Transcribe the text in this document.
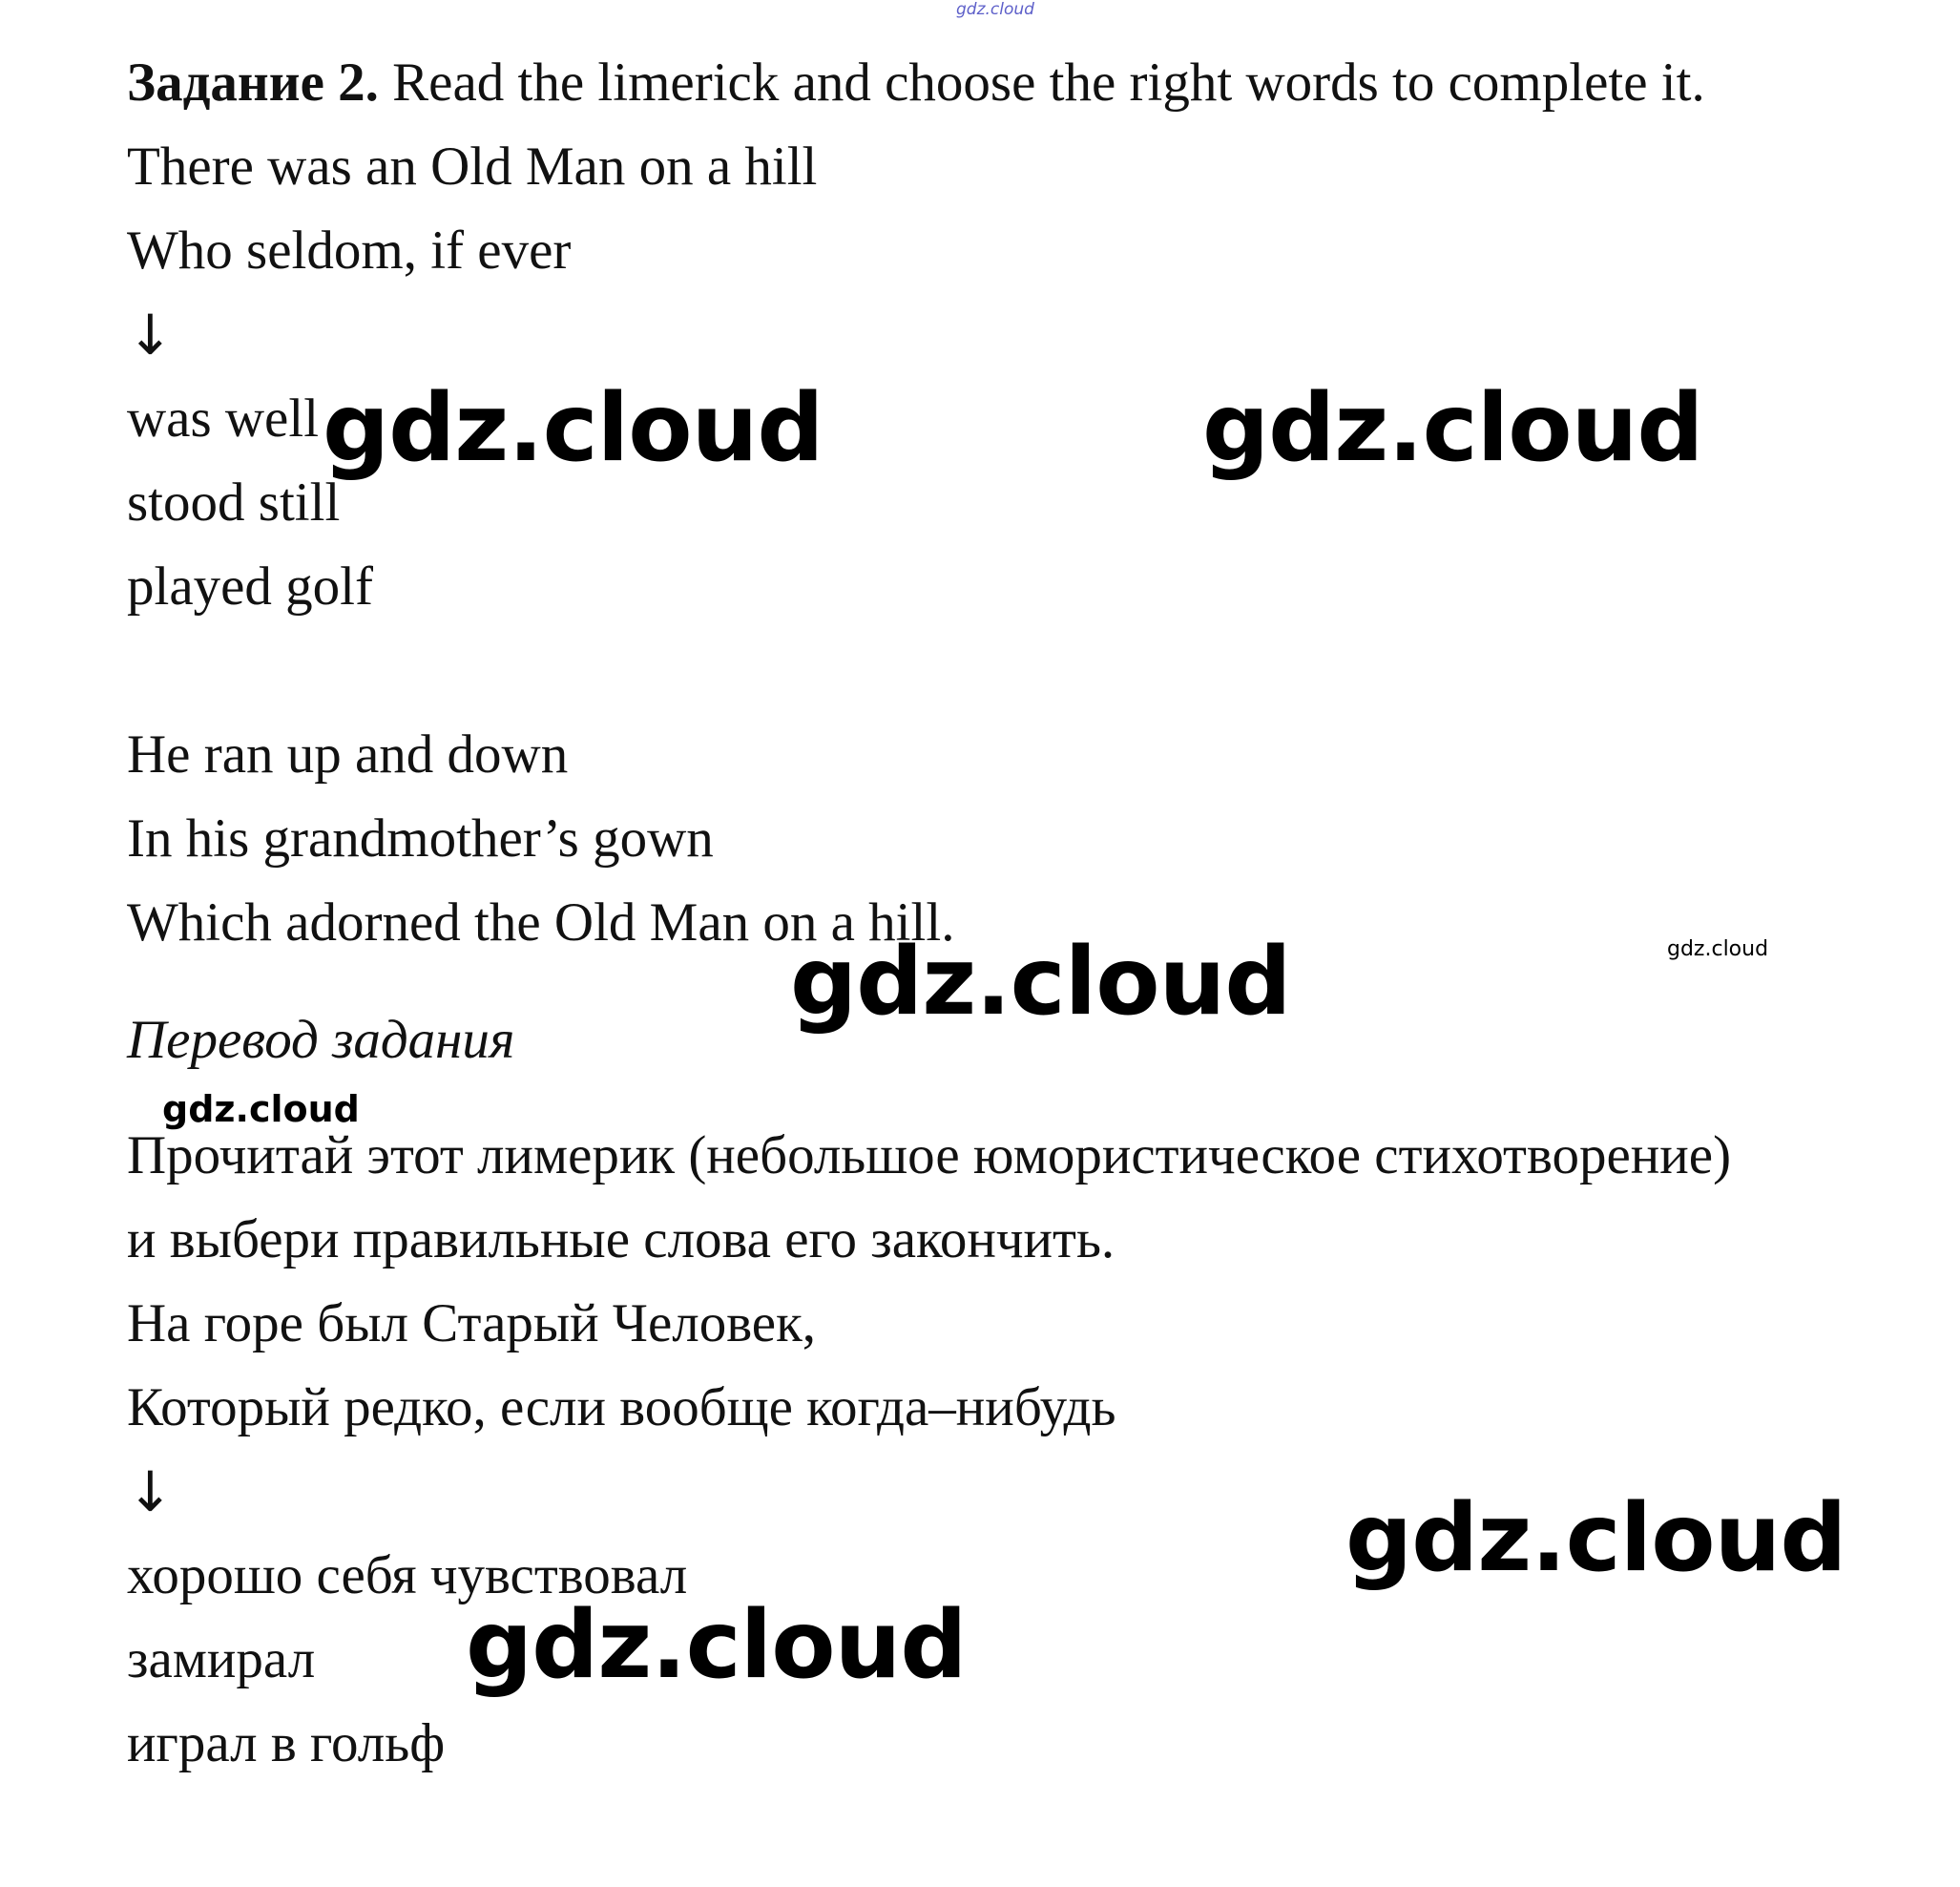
gdz.cloud
Задание 2. Read the limerick and choose the right words to complete it.
There was an Old Man on a hill
Who seldom, if ever
↓
was well
stood still
played golf
He ran up and down
In his grandmother’s gown
Which adorned the Old Man on a hill.
Перевод задания
Прочитай этот лимерик (небольшое юмористическое стихотворение)
и выбери правильные слова его закончить.
На горе был Старый Человек,
Который редко, если вообще когда–нибудь
↓
хорошо себя чувствовал
замирал
играл в гольф
gdz.cloud	gdz.cloud
gdz.cloud
gdz.cloud
gdz.cloud
gdz.cloud
gdz.cloud
